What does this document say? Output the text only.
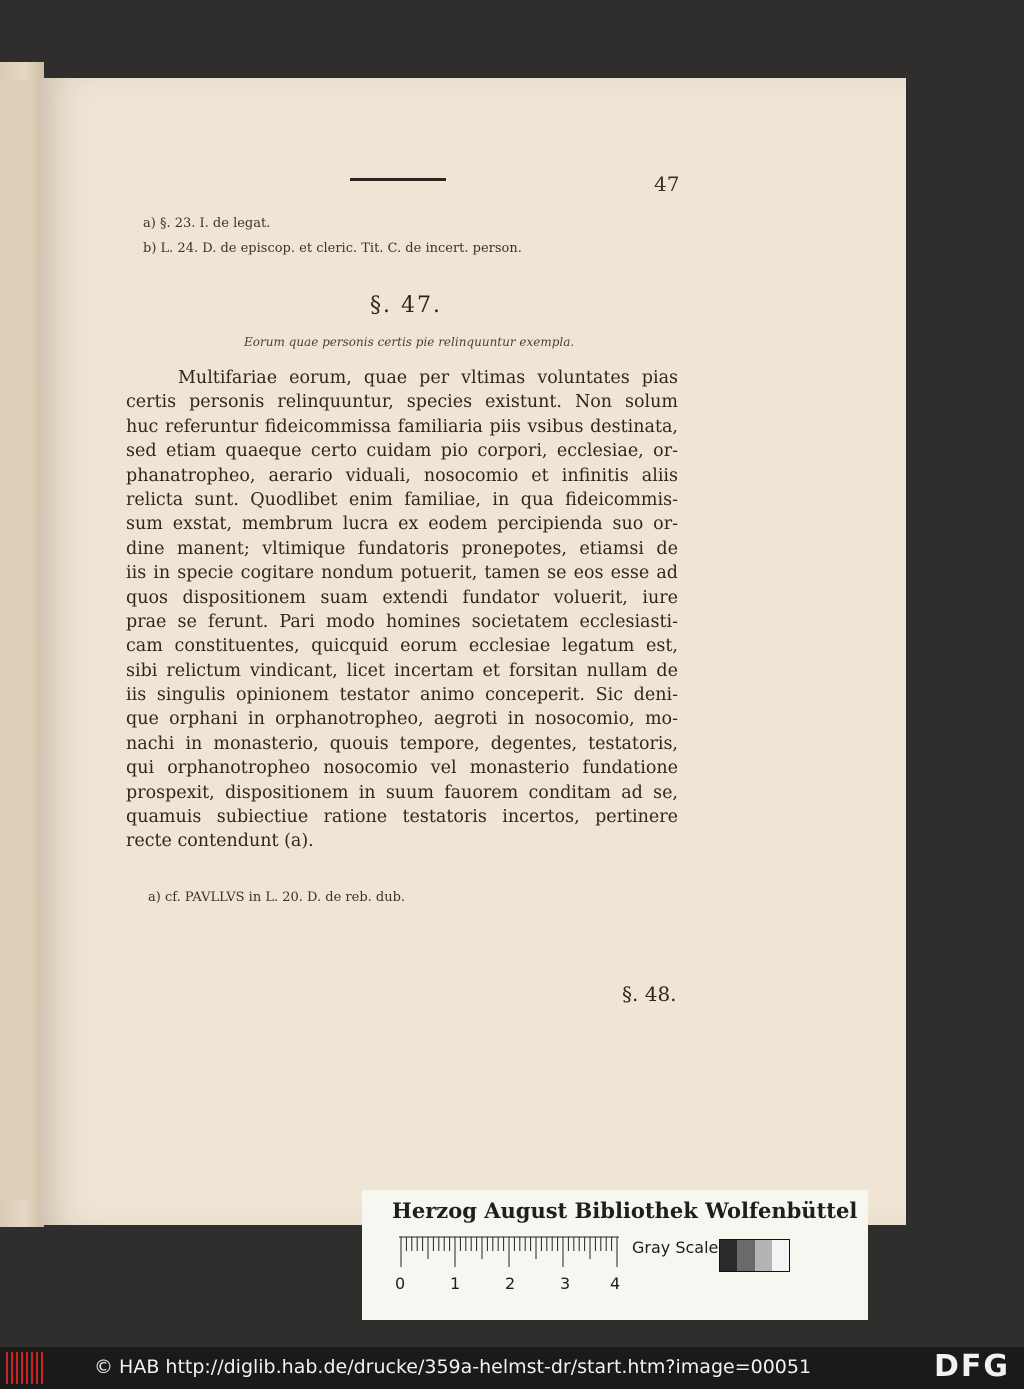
47
a) §. 23. I. de legat.
b) L. 24. D. de episcop. et cleric. Tit. C. de incert. person.
§. 47.
Eorum quae personis certis pie relinquuntur exempla.
Multifariae eorum, quae per vltimas voluntates pias
certis personis relinquuntur, species existunt. Non solum
huc referuntur fideicommissa familiaria piis vsibus destinata,
sed etiam quaeque certo cuidam pio corpori, ecclesiae, or-
phanatropheo, aerario viduali, nosocomio et infinitis aliis
relicta sunt. Quodlibet enim familiae, in qua fideicommis-
sum exstat, membrum lucra ex eodem percipienda suo or-
dine manent; vltimique fundatoris pronepotes, etiamsi de
iis in specie cogitare nondum potuerit, tamen se eos esse ad
quos dispositionem suam extendi fundator voluerit, iure
prae se ferunt. Pari modo homines societatem ecclesiasti-
cam constituentes, quicquid eorum ecclesiae legatum est,
sibi relictum vindicant, licet incertam et forsitan nullam de
iis singulis opinionem testator animo conceperit. Sic deni-
que orphani in orphanotropheo, aegroti in nosocomio, mo-
nachi in monasterio, quouis tempore, degentes, testatoris,
qui orphanotropheo nosocomio vel monasterio fundatione
prospexit, dispositionem in suum fauorem conditam ad se,
quamuis subiectiue ratione testatoris incertos, pertinere
recte contendunt (a).
a) cf. PAVLLVS in L. 20. D. de reb. dub.
§. 48.
Herzog August Bibliothek Wolfenbüttel
0	1	2	3 4
Gray Scale
© HAB http://diglib.hab.de/drucke/359a-helmst-dr/start.htm?image=00051	DFG
